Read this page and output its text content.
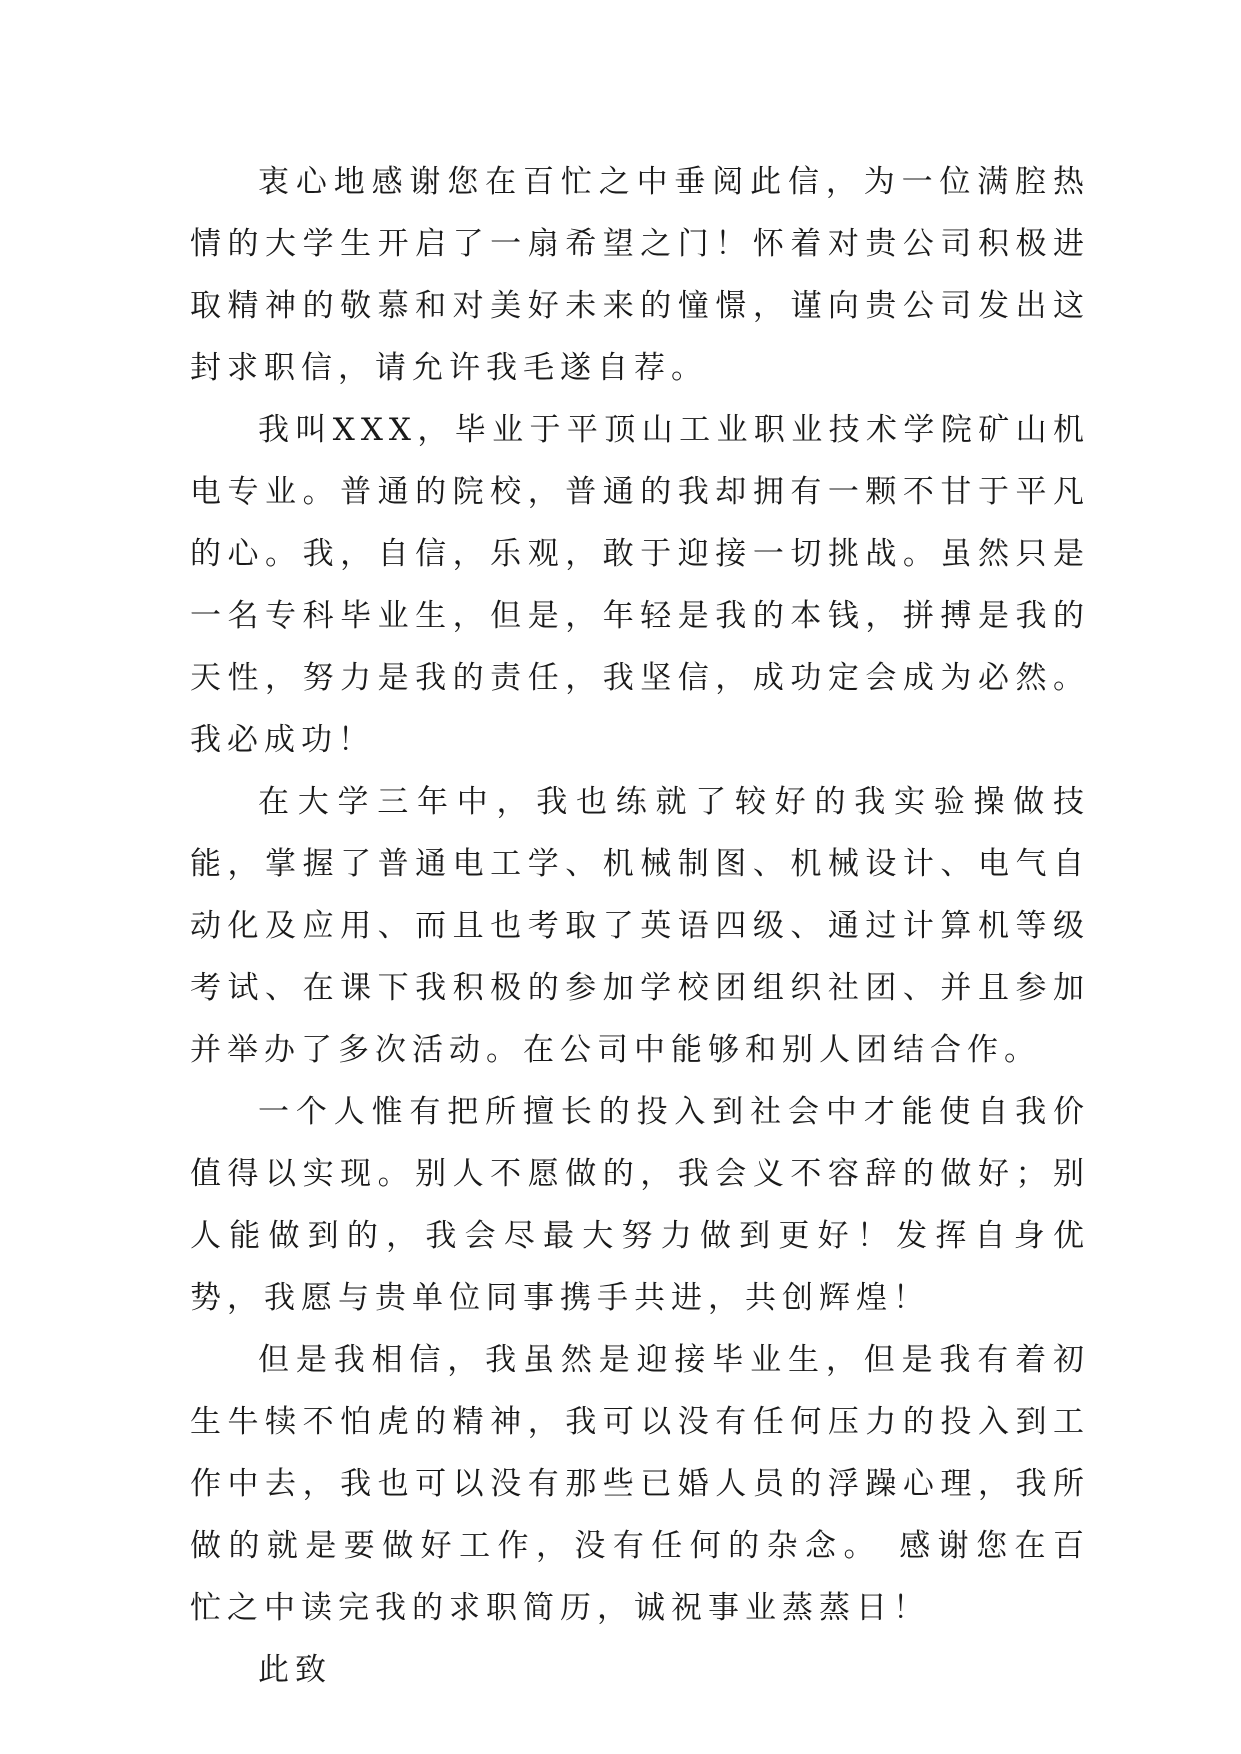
衷心地感谢您在百忙之中垂阅此信，为一位满腔热情的大学生开启了一扇希望之门！怀着对贵公司积极进取精神的敬慕和对美好未来的憧憬，谨向贵公司发出这封求职信，请允许我毛遂自荐。

我叫XXX，毕业于平顶山工业职业技术学院矿山机电专业。普通的院校，普通的我却拥有一颗不甘于平凡的心。我，自信，乐观，敢于迎接一切挑战。虽然只是一名专科毕业生，但是，年轻是我的本钱，拼搏是我的天性，努力是我的责任，我坚信，成功定会成为必然。我必成功！

在大学三年中，我也练就了较好的我实验操做技能，掌握了普通电工学、机械制图、机械设计、电气自动化及应用、而且也考取了英语四级、通过计算机等级考试、在课下我积极的参加学校团组织社团、并且参加并举办了多次活动。在公司中能够和别人团结合作。

一个人惟有把所擅长的投入到社会中才能使自我价值得以实现。别人不愿做的，我会义不容辞的做好；别人能做到的，我会尽最大努力做到更好！发挥自身优势，我愿与贵单位同事携手共进，共创辉煌！

但是我相信，我虽然是迎接毕业生，但是我有着初生牛犊不怕虎的精神，我可以没有任何压力的投入到工作中去，我也可以没有那些已婚人员的浮躁心理，我所做的就是要做好工作，没有任何的杂念。 感谢您在百忙之中读完我的求职简历，诚祝事业蒸蒸日！

此致
